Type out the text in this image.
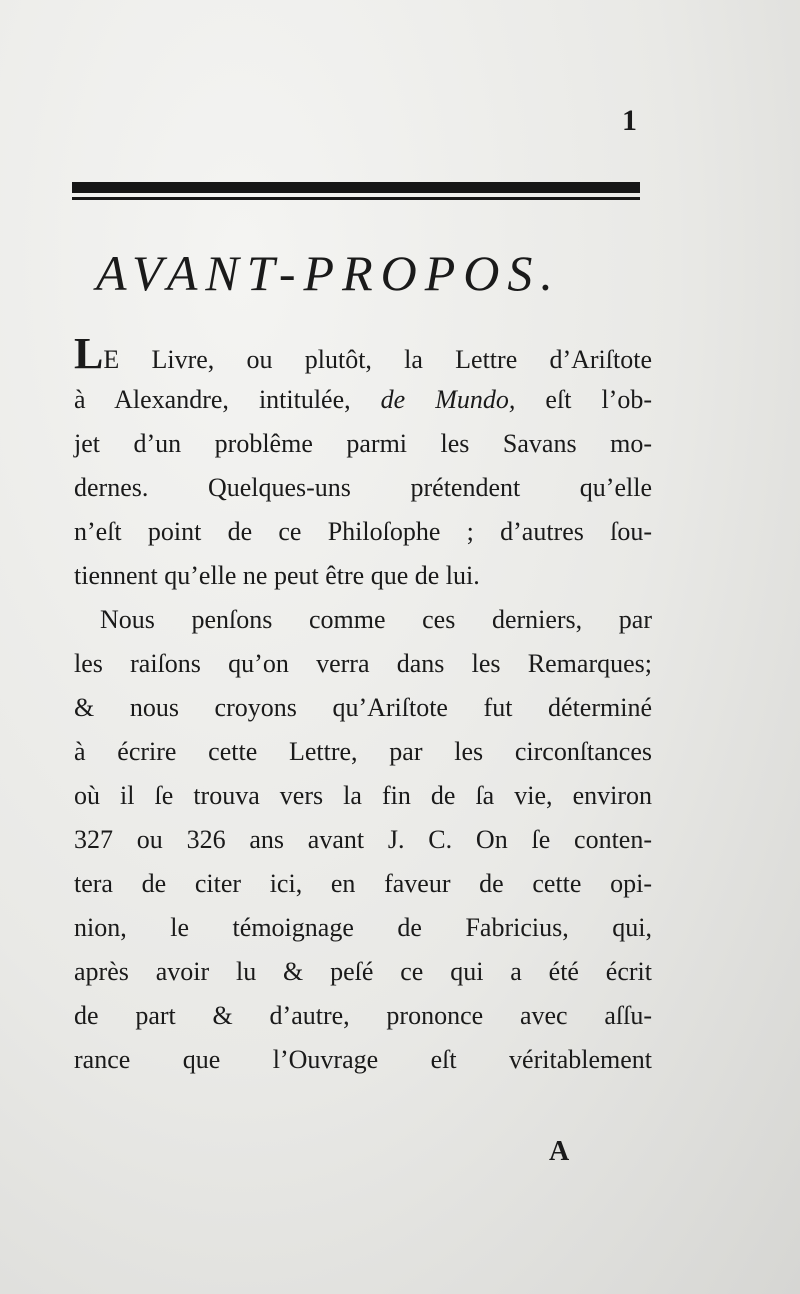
1
AVANT-PROPOS.
LE Livre, ou plutôt, la Lettre d’Ariſtote
à Alexandre, intitulée, de Mundo, eſt l’ob-
jet d’un problême parmi les Savans mo-
dernes. Quelques-uns prétendent qu’elle
n’eſt point de ce Philoſophe ; d’autres ſou-
tiennent qu’elle ne peut être que de lui.
Nous penſons comme ces derniers, par
les raiſons qu’on verra dans les Remarques;
& nous croyons qu’Ariſtote fut déterminé
à écrire cette Lettre, par les circonſtances
où il ſe trouva vers la fin de ſa vie, environ
327 ou 326 ans avant J. C. On ſe conten-
tera de citer ici, en faveur de cette opi-
nion, le témoignage de Fabricius, qui,
après avoir lu & peſé ce qui a été écrit
de part & d’autre, prononce avec aſſu-
rance que l’Ouvrage eſt véritablement
A
